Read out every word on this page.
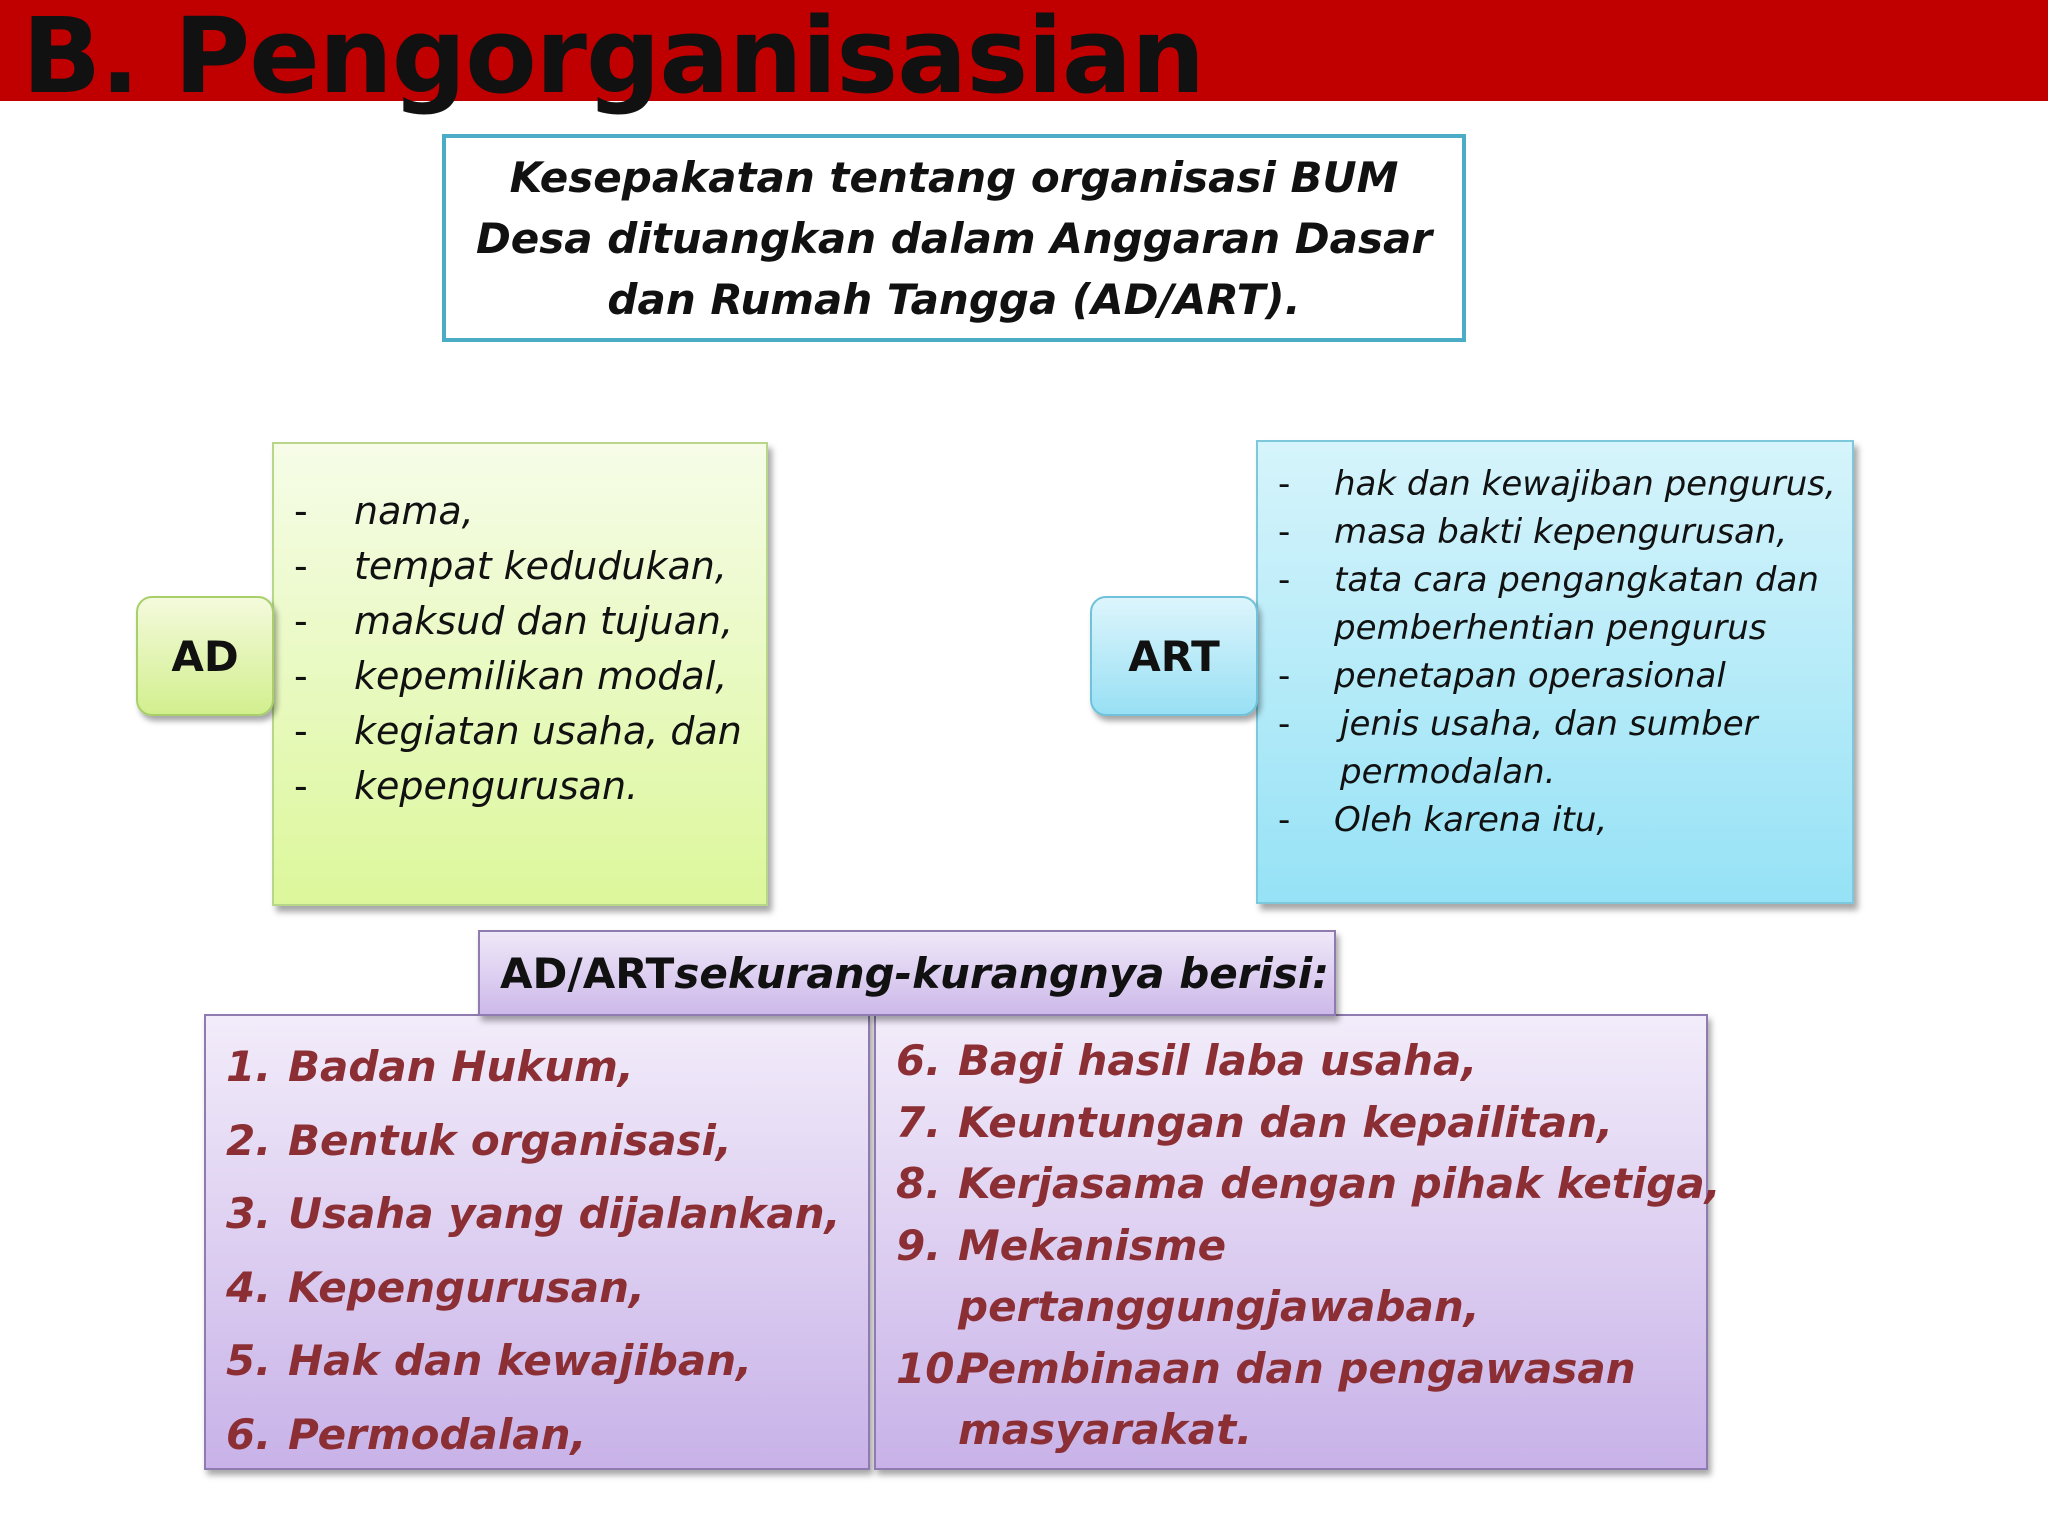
B. Pengorganisasian
Kesepakatan tentang organisasi BUM Desa dituangkan dalam Anggaran Dasar dan Rumah Tangga (AD/ART).
- nama,
- tempat kedudukan,
- maksud dan tujuan,
- kepemilikan modal,
- kegiatan usaha, dan
- kepengurusan.
AD
- hak dan kewajiban pengurus,
- masa bakti kepengurusan,
- tata cara pengangkatan dan
pemberhentian pengurus
- penetapan operasional
- jenis usaha, dan sumber
permodalan.
- Oleh karena itu,
ART
1. Badan Hukum,
2. Bentuk organisasi,
3. Usaha yang dijalankan,
4. Kepengurusan,
5. Hak dan kewajiban,
6. Permodalan,
6. Bagi hasil laba usaha,
7. Keuntungan dan kepailitan,
8. Kerjasama dengan pihak ketiga,
9. Mekanisme
pertanggungjawaban,
10.
Pembinaan dan pengawasan
masyarakat.
AD/ART sekurang-kurangnya berisi:
